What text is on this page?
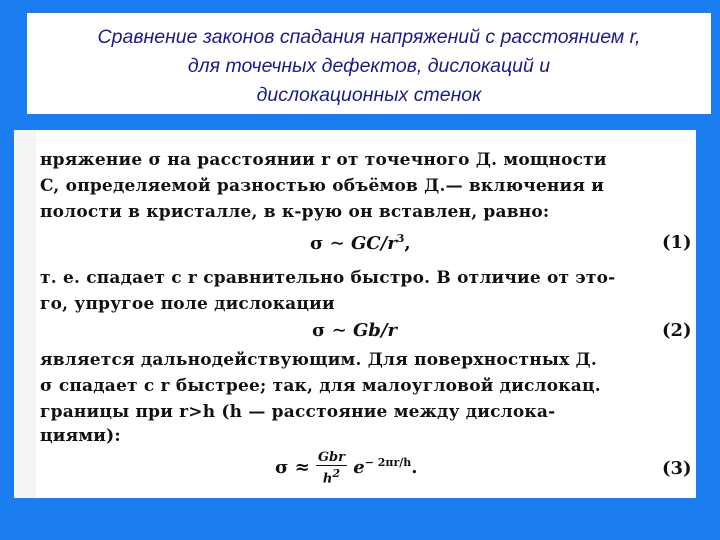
Сравнение законов спадания напряжений с расстоянием r,
для точечных дефектов, дислокаций и
дислокационных стенок
нряжение σ на расстоянии r от точечного Д. мощности
C, определяемой разностью объёмов Д.— включения и
полости в кристалле, в к-рую он вставлен, равно:
σ ∼ $GC/r^3$,	(1)
т. е. спадает с r сравнительно быстро. В отличие от это-
го, упругое поле дислокации
σ ∼ Gb/r	(2)
является дальнодействующим. Для поверхностных Д.
σ спадает с r быстрее; так, для малоугловой дислокац.
границы при r>h (h — расстояние между дислока-
циями):
$\sigma \approx \frac{\text{Gbr}}{h^2} e^{- 2\pi r/h}$.	(3)
